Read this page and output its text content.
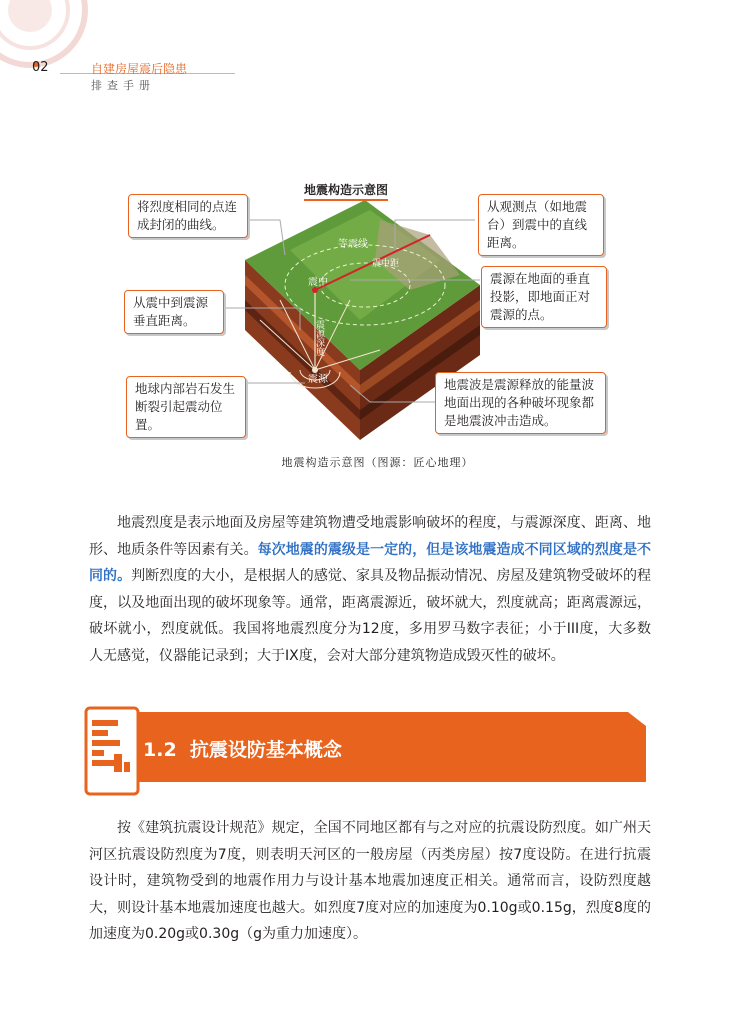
02	自建房屋震后隐患
排查手册
等震线
震中
震中距
震源深度
震源
地震构造示意图
将烈度相同的点连成封闭的曲线。
从观测点（如地震台）到震中的直线距离。
震源在地面的垂直投影，即地面正对震源的点。
从震中到震源垂直距离。
地球内部岩石发生断裂引起震动位置。
地震波是震源释放的能量波地面出现的各种破坏现象都是地震波冲击造成。
地震构造示意图（图源：匠心地理）
地震烈度是表示地面及房屋等建筑物遭受地震影响破坏的程度，与震源深度、距离、地形、地质条件等因素有关。每次地震的震级是一定的，但是该地震造成不同区域的烈度是不同的。判断烈度的大小，是根据人的感觉、家具及物品振动情况、房屋及建筑物受破坏的程度，以及地面出现的破坏现象等。通常，距离震源近，破坏就大，烈度就高；距离震源远，破坏就小，烈度就低。我国将地震烈度分为12度，多用罗马数字表征；小于III度，大多数人无感觉，仪器能记录到；大于IX度，会对大部分建筑物造成毁灭性的破坏。
1.2 抗震设防基本概念
按《建筑抗震设计规范》规定，全国不同地区都有与之对应的抗震设防烈度。如广州天河区抗震设防烈度为7度，则表明天河区的一般房屋（丙类房屋）按7度设防。在进行抗震设计时，建筑物受到的地震作用力与设计基本地震加速度正相关。通常而言，设防烈度越大，则设计基本地震加速度也越大。如烈度7度对应的加速度为0.10g或0.15g，烈度8度的加速度为0.20g或0.30g（g为重力加速度）。
